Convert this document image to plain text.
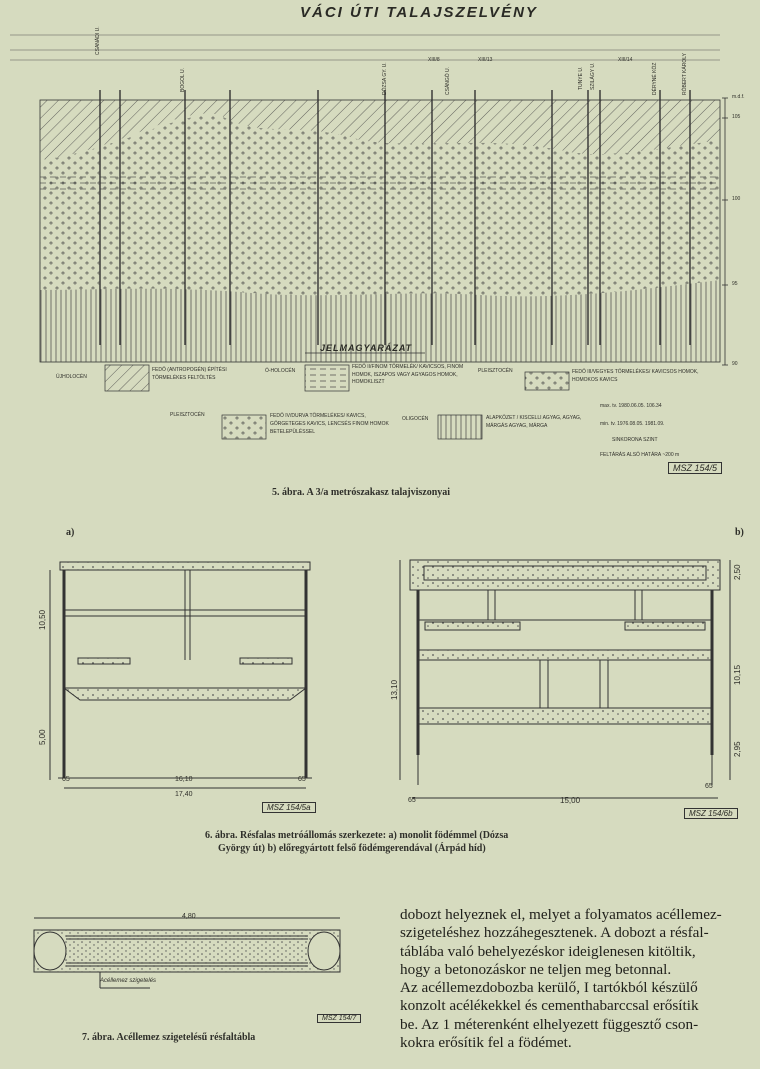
VÁCI ÚTI TALAJSZELVÉNY
CSANÁDI U.
BOGOL U.	DÓZSA GY. U.	CSÁNGÓ U.
XIII/8	XIII/13
TUNYE U. SZILÁGY U.
XIII/14
DÉRYNÉ KÖZ	RÓBERT KÁROLY
m.d.f.
105
100
95
90
JELMAGYARÁZAT
ÚJHOLOCÉN
FEDŐ (ANTROPOGÉN) ÉPÍTÉSI TÖRMELÉKES FELTÖLTÉS
Ó-HOLOCÉN
FEDŐ II/FINOM TÖRMELÉK/ KAVICSOS, FINOM HOMOK, ISZAPOS VAGY AGYAGOS HOMOK, HOMOKLISZT
PLEISZTOCÉN	FEDŐ III/VEGYES TÖRMELÉKES/ KAVICSOS HOMOK, HOMOKOS KAVICS
PLEISZTOCÉN	FEDŐ IV/DURVA TÖRMELÉKES/ KAVICS, GÖRGETEGES KAVICS, LENCSÉS FINOM HOMOK BETELEPÜLÉSSEL
OLIGOCÉN	ALAPKŐZET / KISCELLI AGYAG, AGYAG, MÁRGÁS AGYAG, MÁRGA
max. tv. 1980.06.05. 106.34
min. tv. 1976.08.05. 1981.09.
SINKORONA SZINT
FELTÁRÁS ALSÓ HATÁRA ~200 m
MSZ 154/5
5. ábra. A 3/a metrószakasz talajviszonyai
a)	b)
10,50
5,00
65	16,10	65
17,40
MSZ 154/5a
13,10
2,50
10,15
2,95
65	15,00
65
MSZ 154/6b
6. ábra. Résfalas metróállomás szerkezete: a) monolit födémmel (Dózsa
György út) b) előregyártott felső födémgerendával (Árpád híd)
4,80
Acéllemez szigetelés
MSZ 154/7
7. ábra. Acéllemez szigetelésű résfaltábla
dobozt helyeznek el, melyet a folyamatos acéllemez-
szigeteléshez hozzáhegesztenek. A dobozt a résfal-
táblába való behelyezéskor ideiglenesen kitöltik,
hogy a betonozáskor ne teljen meg betonnal.
Az acéllemezdobozba kerülő, I tartókból készülő
konzolt acélékekkel és cementhabarccsal erősítik
be. Az 1 méterenként elhelyezett függesztő cson-
kokra erősítik fel a födémet.
